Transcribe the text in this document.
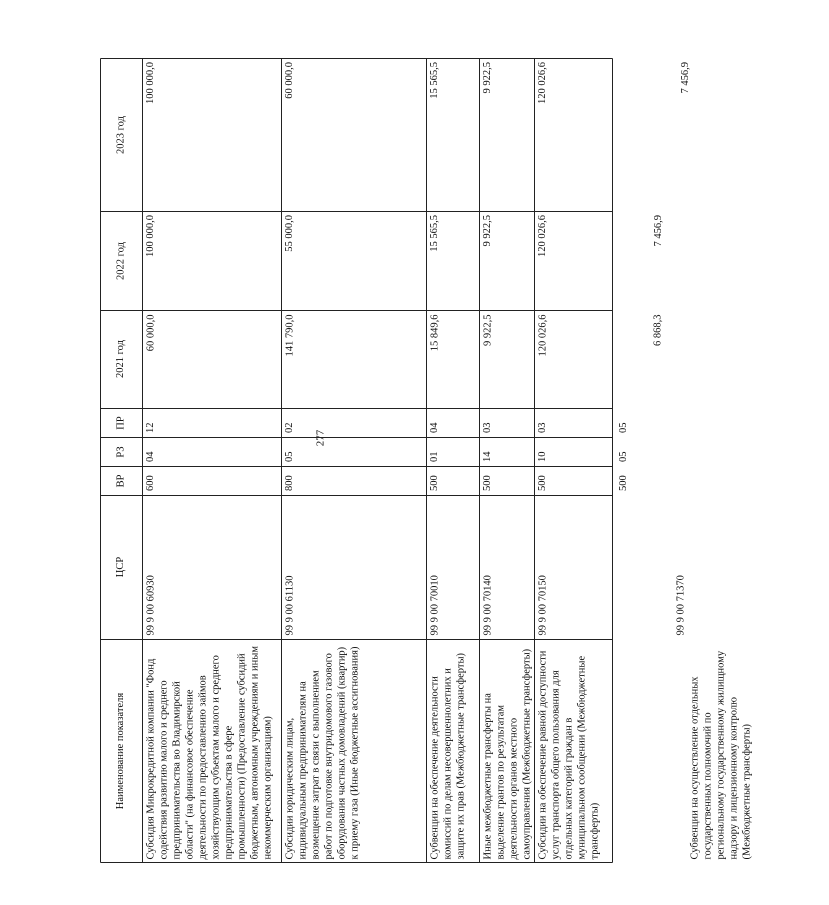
277
Наименование показателя
ЦСР
ВР
РЗ
ПР
2021 год
2022 год
2023 год
Субсидия Микрокредитной компании "Фонд содействия развитию малого и среднего предпринимательства во Владимирской области" (на финансовое обеспечение деятельности по предоставлению займов хозяйствующим субъектам малого и среднего предпринимательства в сфере промышленности) (Предоставление субсидий бюджетным, автономным учреждениям и иным некоммерческим организациям)
99 9 00 60930
600
04
12
60 000,0
100 000,0
100 000,0
Субсидии юридическим лицам, индивидуальным предпринимателям на возмещение затрат в связи с выполнением работ по подготовке внутридомового газового оборудования частных домовладений (квартир) к приему газа (Иные бюджетные ассигнования)
99 9 00 61130
800
05
02
141 790,0
55 000,0
60 000,0
Субвенции на обеспечение деятельности комиссий по делам несовершеннолетних и защите их прав (Межбюджетные трансферты)
99 9 00 70010
500
01
04
15 849,6
15 565,5
15 565,5
Иные межбюджетные трансферты на выделение грантов по результатам деятельности органов местного самоуправления (Межбюджетные трансферты)
99 9 00 70140
500
14
03
9 922,5
9 922,5
9 922,5
Субсидии на обеспечение равной доступности услуг транспорта общего пользования для отдельных категорий граждан в муниципальном сообщении (Межбюджетные трансферты)
99 9 00 70150
500
10
03
120 026,6
120 026,6
120 026,6
Субвенции на осуществление отдельных государственных полномочий по региональному государственному жилищному надзору и лицензионному контролю (Межбюджетные трансферты)
99 9 00 71370
500
05
05
6 868,3
7 456,9
7 456,9
